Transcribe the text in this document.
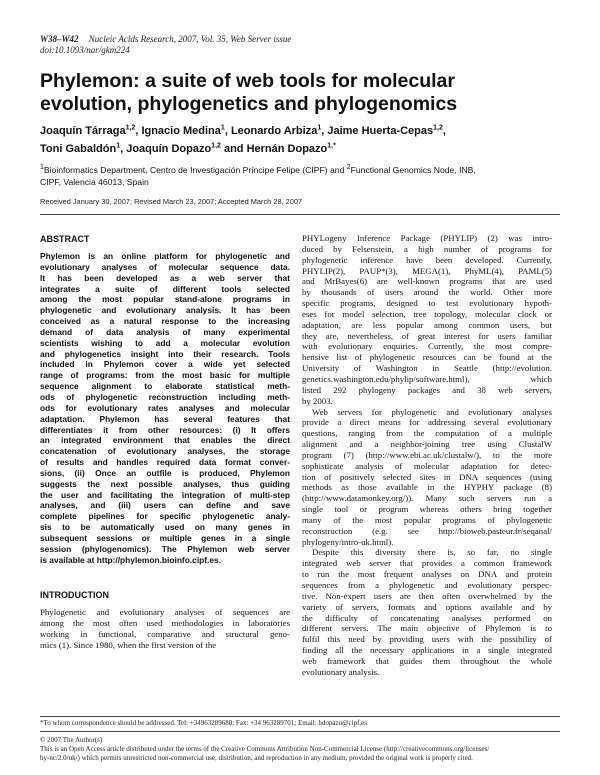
W38–W42 Nucleic Acids Research, 2007, Vol. 35, Web Server issue
doi:10.1093/nar/gkm224
Phylemon: a suite of web tools for molecular
evolution, phylogenetics and phylogenomics
Joaquín Tárraga$^{1,2}$, Ignacio Medina$^1$, Leonardo Arbiza$^1$, Jaime Huerta-Cepas$^{1,2}$,
Toni Gabaldón$^1$, Joaquín Dopazo$^{1,2}$ and Hernán Dopazo$^{1,*}$
$^1$Bioinformatics Department, Centro de Investigación Príncipe Felipe (CIPF) and $^2$Functional Genomics Node, INB,
CIPF, Valencia 46013, Spain
Received January 30, 2007; Revised March 23, 2007; Accepted March 28, 2007
ABSTRACT
Phylemon is an online platform for phylogenetic and
evolutionary analyses of molecular sequence data.
It has been developed as a web server that
integrates a suite of different tools selected
among the most popular stand-alone programs in
phylogenetic and evolutionary analysis. It has been
conceived as a natural response to the increasing
demand of data analysis of many experimental
scientists wishing to add a molecular evolution
and phylogenetics insight into their research. Tools
included in Phylemon cover a wide yet selected
range of programs: from the most basic for multiple
sequence alignment to elaborate statistical meth-
ods of phylogenetic reconstruction including meth-
ods for evolutionary rates analyses and molecular
adaptation. Phylemon has several features that
differentiates it from other resources: (i) It offers
an integrated environment that enables the direct
concatenation of evolutionary analyses, the storage
of results and handles required data format conver-
sions, (ii) Once an outfile is produced, Phylemon
suggests the next possible analyses, thus guiding
the user and facilitating the integration of multi-step
analyses, and (iii) users can define and save
complete pipelines for specific phylogenetic analy-
sis to be automatically used on many genes in
subsequent sessions or multiple genes in a single
session (phylogenomics). The Phylemon web server
is available at http://phylemon.bioinfo.cipf.es.
INTRODUCTION
Phylogenetic and evolutionary analyses of sequences are
among the most often used methodologies in laboratories
working in functional, comparative and structural geno-
mics (1). Since 1980, when the first version of the
PHYLogeny Inference Package (PHYLIP) (2) was intro-
duced by Felsenstein, a high number of programs for
phylogenetic inference have been developed. Currently,
PHYLIP(2), PAUP*(3), MEGA(1), PhyML(4), PAML(5)
and MrBayes(6) are well-known programs that are used
by thousands of users around the world. Other more
specific programs, designed to test evolutionary hypoth-
eses for model selection, tree topology, molecular clock or
adaptation, are less popular among common users, but
they are, nevertheless, of great interest for users familiar
with evolutionary enquiries. Currently, the most compre-
hensive list of phylogenetic resources can be found at the
University of Washington in Seattle (http://evolution.
genetics.washington.edu/phylip/software.html), which
listed 292 phylogeny packages and 38 web servers,
by 2003.
Web servers for phylogenetic and evolutionary analyses
provide a direct means for addressing several evolutionary
questions, ranging from the computation of a multiple
alignment and a neighbor-joining tree using ClustalW
program (7) (http://www.ebi.ac.uk/clustalw/), to the more
sophisticate analysis of molecular adaptation for detec-
tion of positively selected sites in DNA sequences (using
methods as those available in the HYPHY package (8)
(http://www.datamonkey.org/)). Many such servers run a
single tool or program whereas others bring together
many of the most popular programs of phylogenetic
reconstruction (e.g. see http://bioweb.pasteur.fr/seqanal/
phylogeny/intro-uk.html).
Despite this diversity there is, so far, no single
integrated web server that provides a common framework
to run the most frequent analyses on DNA and protein
sequences from a phylogenetic and evolutionary perspec-
tive. Non-expert users are then often overwhelmed by the
variety of servers, formats and options available and by
the difficulty of concatenating analyses performed on
different servers. The main objective of Phylemon is to
fulfil this need by providing users with the possibility of
finding all the necessary applications in a single integrated
web framework that guides them throughout the whole
evolutionary analysis.
*To whom correspondence should be addressed. Tel: +34963289680; Fax: +34 963289701; Email: hdopazo@cipf.es
© 2007 The Author(s)
This is an Open Access article distributed under the terms of the Creative Commons Attribution Non-Commercial License (http://creativecommons.org/licenses/
by-nc/2.0/uk/) which permits unrestricted non-commercial use, distribution, and reproduction in any medium, provided the original work is properly cited.
